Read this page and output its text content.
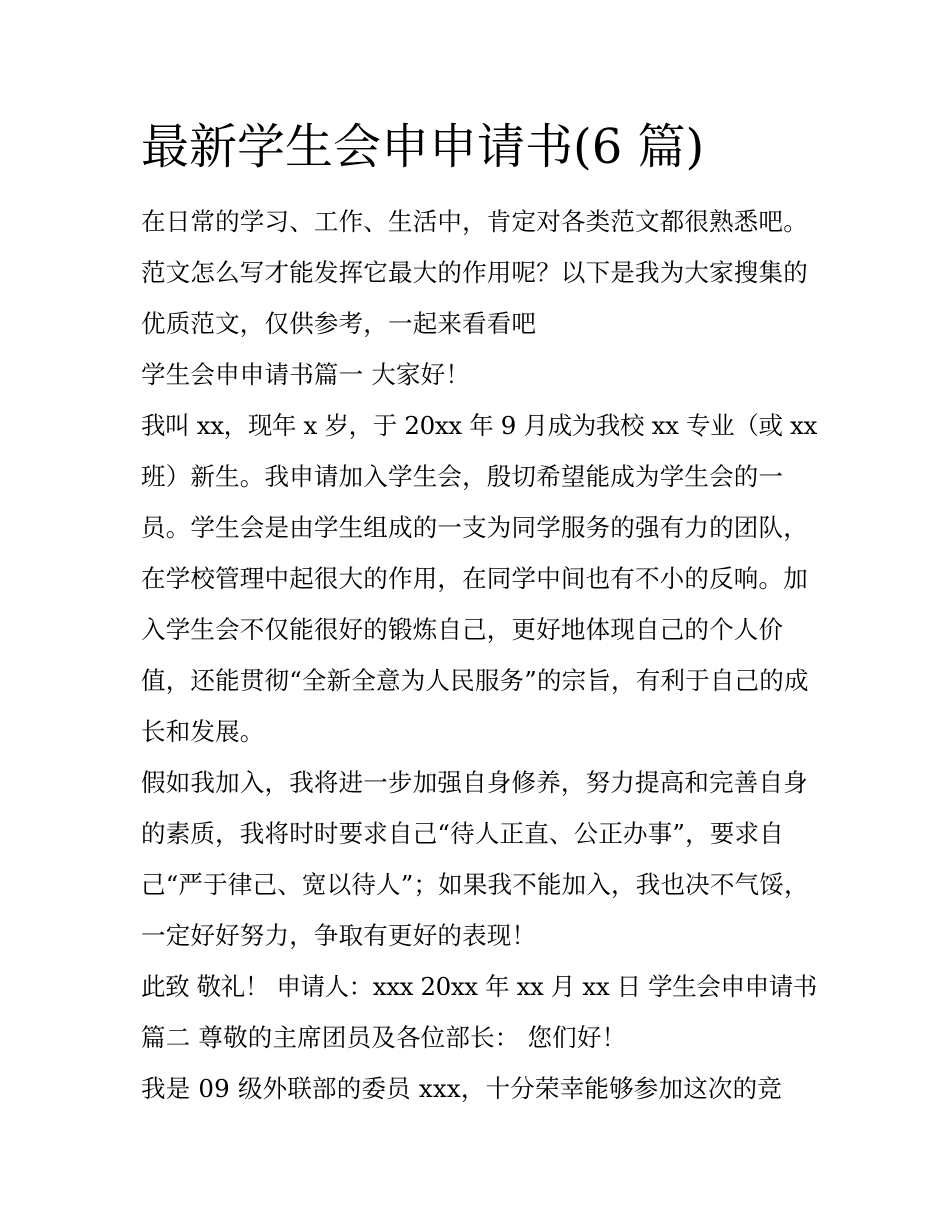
最新学生会申申请书(6 篇)
在日常的学习、工作、生活中，肯定对各类范文都很熟悉吧。
范文怎么写才能发挥它最大的作用呢？以下是我为大家搜集的
优质范文，仅供参考，一起来看看吧
学生会申申请书篇一 大家好！
我叫 xx，现年 x 岁，于 20xx 年 9 月成为我校 xx 专业（或 xx
班）新生。我申请加入学生会，殷切希望能成为学生会的一
员。学生会是由学生组成的一支为同学服务的强有力的团队，
在学校管理中起很大的作用，在同学中间也有不小的反响。加
入学生会不仅能很好的锻炼自己，更好地体现自己的个人价
值，还能贯彻“全新全意为人民服务”的宗旨，有利于自己的成
长和发展。
假如我加入，我将进一步加强自身修养，努力提高和完善自身
的素质，我将时时要求自己“待人正直、公正办事”，要求自
己“严于律己、宽以待人”；如果我不能加入，我也决不气馁，
一定好好努力，争取有更好的表现！
此致 敬礼！ 申请人：xxx 20xx 年 xx 月 xx 日 学生会申申请书
篇二 尊敬的主席团员及各位部长： 您们好！
我是 09 级外联部的委员 xxx，十分荣幸能够参加这次的竞
